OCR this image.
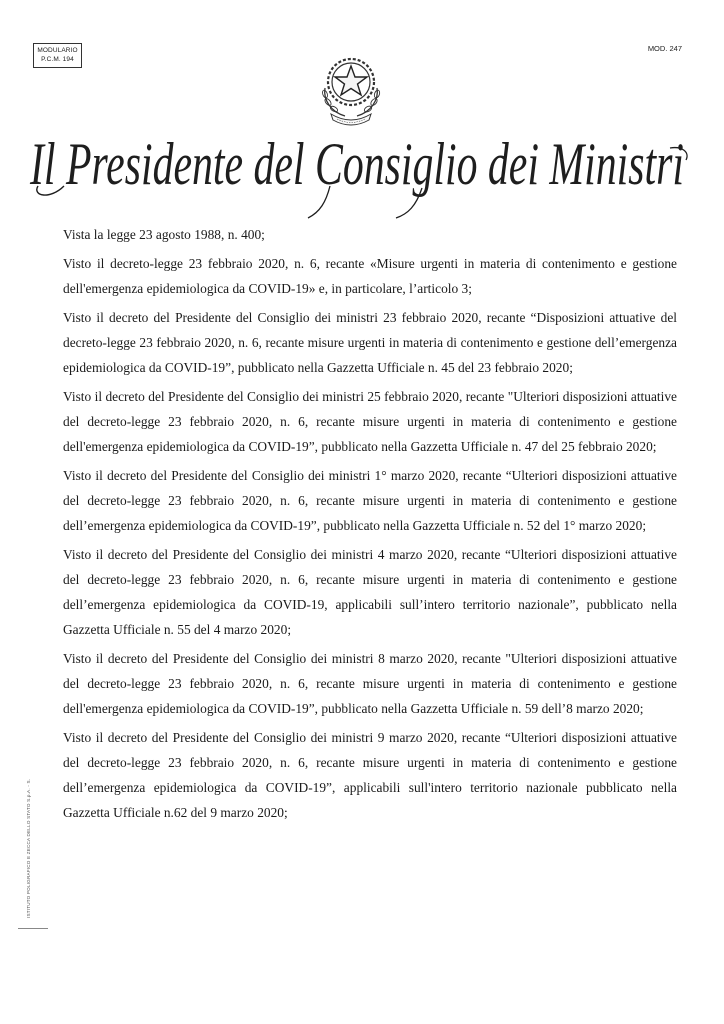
MODULARIO
P.C.M. 194
MOD. 247
Il Presidente del Consiglio dei Ministri

Vista la legge 23 agosto 1988, n. 400;

Visto il decreto-legge 23 febbraio 2020, n. 6, recante «Misure urgenti in materia di contenimento e gestione dell'emergenza epidemiologica da COVID-19» e, in particolare, l’articolo 3;

Visto il decreto del Presidente del Consiglio dei ministri 23 febbraio 2020, recante “Disposizioni attuative del decreto-legge 23 febbraio 2020, n. 6, recante misure urgenti in materia di contenimento e gestione dell’emergenza epidemiologica da COVID-19”, pubblicato nella Gazzetta Ufficiale n. 45 del 23 febbraio 2020;

Visto il decreto del Presidente del Consiglio dei ministri 25 febbraio 2020, recante "Ulteriori disposizioni attuative del decreto-legge 23 febbraio 2020, n. 6, recante misure urgenti in materia di contenimento e gestione dell'emergenza epidemiologica da COVID-19”, pubblicato nella Gazzetta Ufficiale n. 47 del 25 febbraio 2020;

Visto il decreto del Presidente del Consiglio dei ministri 1° marzo 2020, recante “Ulteriori disposizioni attuative del decreto-legge 23 febbraio 2020, n. 6, recante misure urgenti in materia di contenimento e gestione dell’emergenza epidemiologica da COVID-19”, pubblicato nella Gazzetta Ufficiale n. 52 del 1° marzo 2020;

Visto il decreto del Presidente del Consiglio dei ministri 4 marzo 2020, recante “Ulteriori disposizioni attuative del decreto-legge 23 febbraio 2020, n. 6, recante misure urgenti in materia di contenimento e gestione dell’emergenza epidemiologica da COVID-19, applicabili sull’intero territorio nazionale”, pubblicato nella Gazzetta Ufficiale n. 55 del 4 marzo 2020;

Visto il decreto del Presidente del Consiglio dei ministri 8 marzo 2020, recante "Ulteriori disposizioni attuative del decreto-legge 23 febbraio 2020, n. 6, recante misure urgenti in materia di contenimento e gestione dell'emergenza epidemiologica da COVID-19”, pubblicato nella Gazzetta Ufficiale n. 59 dell’8 marzo 2020;

Visto il decreto del Presidente del Consiglio dei ministri 9 marzo 2020, recante “Ulteriori disposizioni attuative del decreto-legge 23 febbraio 2020, n. 6, recante misure urgenti in materia di contenimento e gestione dell’emergenza epidemiologica da COVID-19”, applicabili sull'intero territorio nazionale pubblicato nella Gazzetta Ufficiale n.62 del 9 marzo 2020;

ISTITUTO POLIGRAFICO E ZECCA DELLO STATO S.p.A. - S.
